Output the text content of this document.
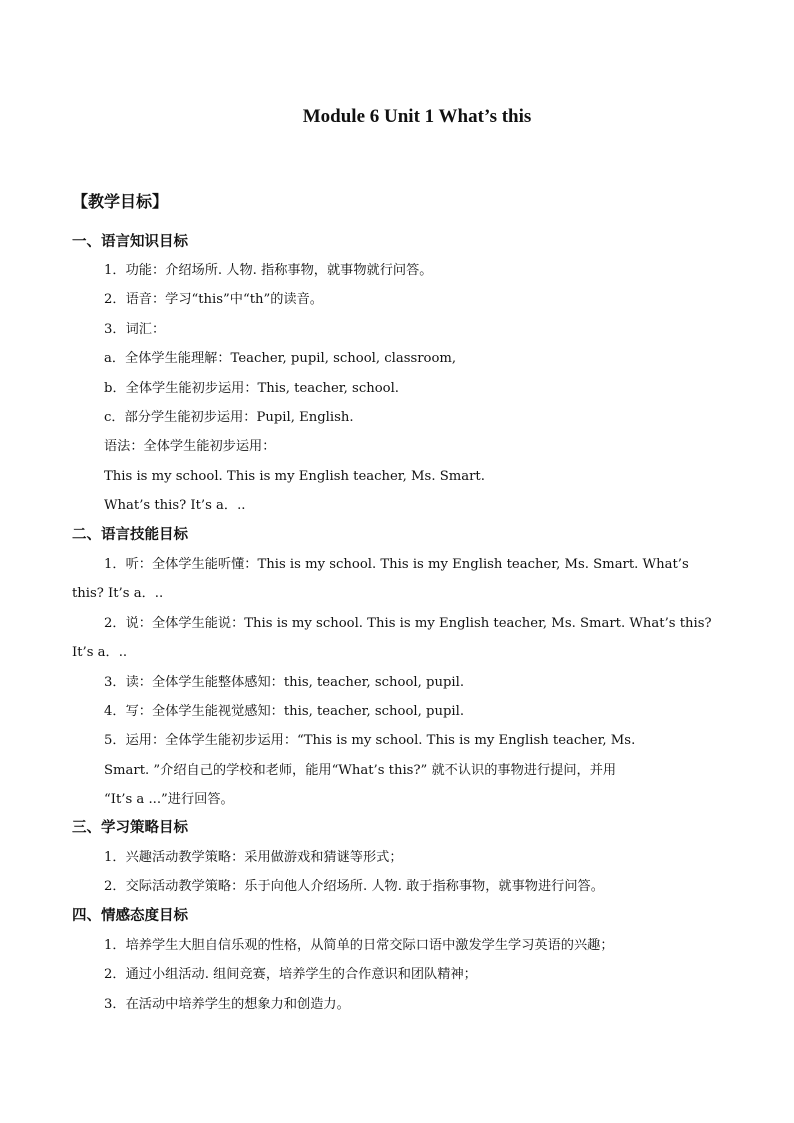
Module 6 Unit 1 What’s this
【教学目标】
一、语言知识目标
1．功能：介绍场所. 人物. 指称事物，就事物就行问答。
2．语音：学习“this”中“th”的读音。
3．词汇：
a．全体学生能理解：Teacher, pupil, school, classroom,
b．全体学生能初步运用：This, teacher, school.
c．部分学生能初步运用：Pupil, English.
语法：全体学生能初步运用：
This is my school. This is my English teacher, Ms. Smart.
What’s this? It’s a．..
二、语言技能目标
1．听：全体学生能听懂：This is my school. This is my English teacher, Ms. Smart. What’s
this? It’s a．..
2．说：全体学生能说：This is my school. This is my English teacher, Ms. Smart. What’s this?
It’s a．..
3．读：全体学生能整体感知：this, teacher, school, pupil.
4．写：全体学生能视觉感知：this, teacher, school, pupil.
5．运用：全体学生能初步运用：“This is my school. This is my English teacher, Ms.
Smart. ”介绍自己的学校和老师，能用“What’s this?” 就不认识的事物进行提问，并用
“It’s a ...”进行回答。
三、学习策略目标
1．兴趣活动教学策略：采用做游戏和猜谜等形式；
2．交际活动教学策略：乐于向他人介绍场所. 人物. 敢于指称事物，就事物进行问答。
四、情感态度目标
1．培养学生大胆自信乐观的性格，从简单的日常交际口语中激发学生学习英语的兴趣；
2．通过小组活动. 组间竞赛，培养学生的合作意识和团队精神；
3．在活动中培养学生的想象力和创造力。
